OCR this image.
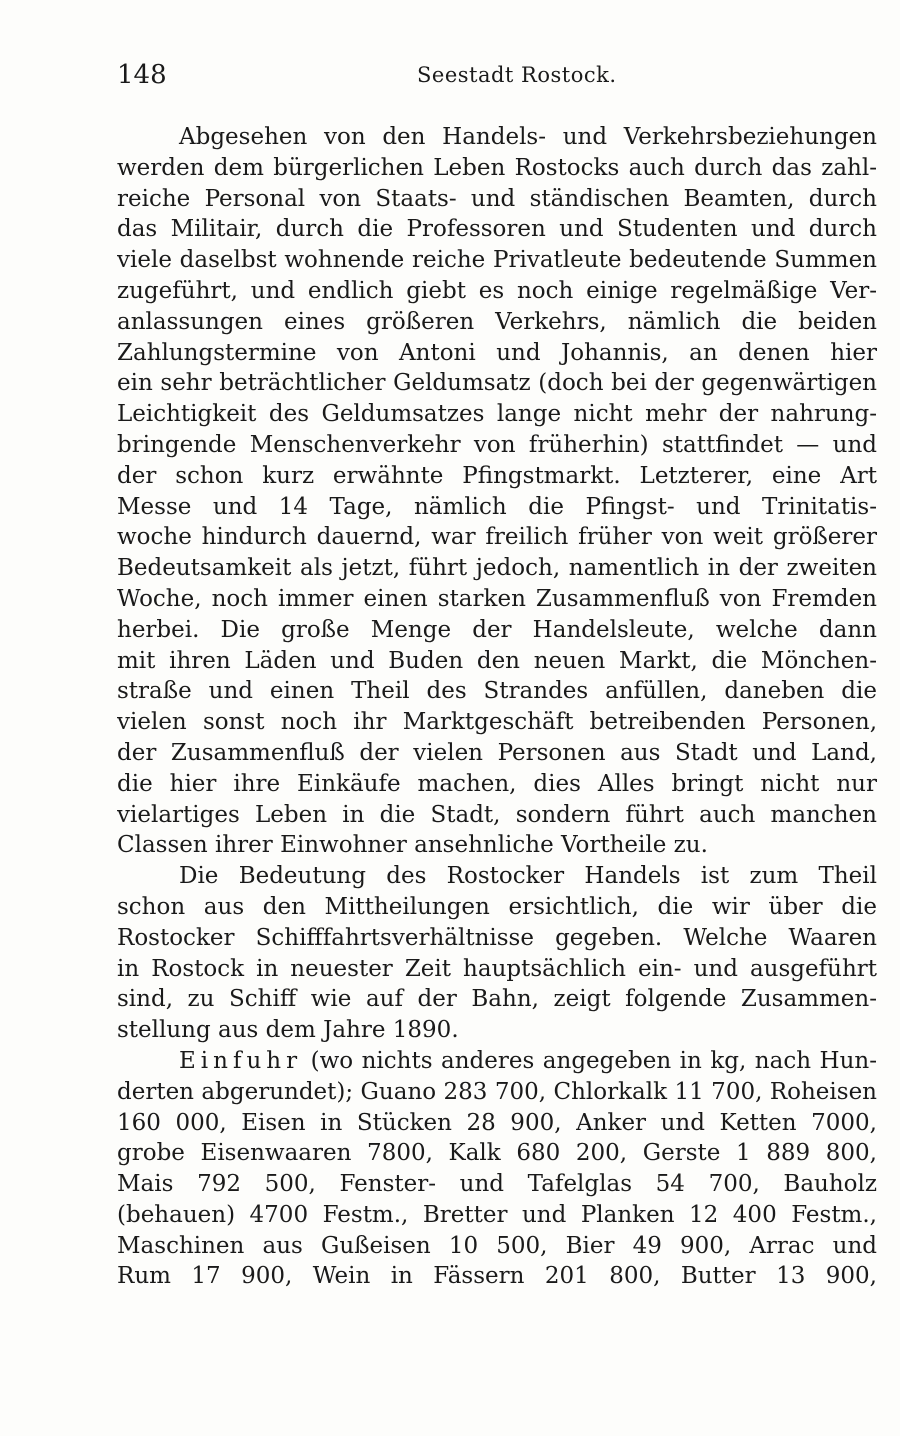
148	Seestadt Rostock.
Abgesehen von den Handels- und Verkehrsbeziehungen
werden dem bürgerlichen Leben Rostocks auch durch das zahl-
reiche Personal von Staats- und ständischen Beamten, durch
das Militair, durch die Professoren und Studenten und durch
viele daselbst wohnende reiche Privatleute bedeutende Summen
zugeführt, und endlich giebt es noch einige regelmäßige Ver-
anlassungen eines größeren Verkehrs, nämlich die beiden
Zahlungstermine von Antoni und Johannis, an denen hier
ein sehr beträchtlicher Geldumsatz (doch bei der gegenwärtigen
Leichtigkeit des Geldumsatzes lange nicht mehr der nahrung-
bringende Menschenverkehr von früherhin) stattfindet — und
der schon kurz erwähnte Pfingstmarkt. Letzterer, eine Art
Messe und 14 Tage, nämlich die Pfingst- und Trinitatis-
woche hindurch dauernd, war freilich früher von weit größerer
Bedeutsamkeit als jetzt, führt jedoch, namentlich in der zweiten
Woche, noch immer einen starken Zusammenfluß von Fremden
herbei. Die große Menge der Handelsleute, welche dann
mit ihren Läden und Buden den neuen Markt, die Mönchen-
straße und einen Theil des Strandes anfüllen, daneben die
vielen sonst noch ihr Marktgeschäft betreibenden Personen,
der Zusammenfluß der vielen Personen aus Stadt und Land,
die hier ihre Einkäufe machen, dies Alles bringt nicht nur
vielartiges Leben in die Stadt, sondern führt auch manchen
Classen ihrer Einwohner ansehnliche Vortheile zu.
Die Bedeutung des Rostocker Handels ist zum Theil
schon aus den Mittheilungen ersichtlich, die wir über die
Rostocker Schifffahrtsverhältnisse gegeben. Welche Waaren
in Rostock in neuester Zeit hauptsächlich ein- und ausgeführt
sind, zu Schiff wie auf der Bahn, zeigt folgende Zusammen-
stellung aus dem Jahre 1890.
Einfuhr (wo nichts anderes angegeben in kg, nach Hun-
derten abgerundet); Guano 283 700, Chlorkalk 11 700, Roheisen
160 000, Eisen in Stücken 28 900, Anker und Ketten 7000,
grobe Eisenwaaren 7800, Kalk 680 200, Gerste 1 889 800,
Mais 792 500, Fenster- und Tafelglas 54 700, Bauholz
(behauen) 4700 Festm., Bretter und Planken 12 400 Festm.,
Maschinen aus Gußeisen 10 500, Bier 49 900, Arrac und
Rum 17 900, Wein in Fässern 201 800, Butter 13 900,
